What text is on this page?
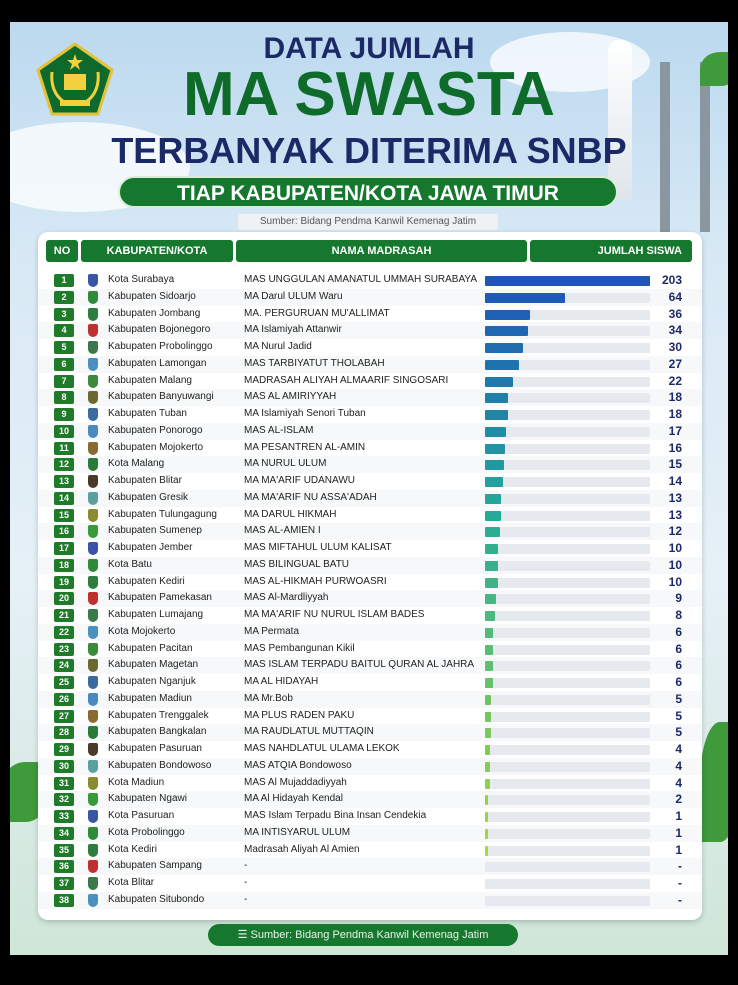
DATA JUMLAH
MA SWASTA
TERBANYAK DITERIMA SNBP
TIAP KABUPATEN/KOTA JAWA TIMUR
Sumber: Bidang Pendma Kanwil Kemenag Jatim
NO	KABUPATEN/KOTA	NAMA MADRASAH	JUMLAH SISWA
1	Kota Surabaya	MAS UNGGULAN AMANATUL UMMAH SURABAYA	203
2	Kabupaten Sidoarjo	MA Darul ULUM Waru	64
3	Kabupaten Jombang	MA. PERGURUAN MU'ALLIMAT	36
4	Kabupaten Bojonegoro	MA Islamiyah Attanwir	34
5	Kabupaten Probolinggo	MA Nurul Jadid	30
6	Kabupaten Lamongan	MAS TARBIYATUT THOLABAH	27
7	Kabupaten Malang	MADRASAH ALIYAH ALMAARIF SINGOSARI	22
8	Kabupaten Banyuwangi	MAS AL AMIRIYYAH	18
9	Kabupaten Tuban	MA Islamiyah Senori Tuban	18
10	Kabupaten Ponorogo	MAS AL-ISLAM	17
11	Kabupaten Mojokerto	MA PESANTREN AL-AMIN	16
12	Kota Malang	MA NURUL ULUM	15
13	Kabupaten Blitar	MA MA'ARIF UDANAWU	14
14	Kabupaten Gresik	MA MA'ARIF NU ASSA'ADAH	13
15	Kabupaten Tulungagung	MA DARUL HIKMAH	13
16	Kabupaten Sumenep	MAS AL-AMIEN I	12
17	Kabupaten Jember	MAS MIFTAHUL ULUM KALISAT	10
18	Kota Batu	MAS BILINGUAL BATU	10
19	Kabupaten Kediri	MAS AL-HIKMAH PURWOASRI	10
20	Kabupaten Pamekasan	MAS Al-Mardliyyah	9
21	Kabupaten Lumajang	MA MA'ARIF NU NURUL ISLAM BADES	8
22	Kota Mojokerto	MA Permata	6
23	Kabupaten Pacitan	MAS Pembangunan Kikil	6
24	Kabupaten Magetan	MAS ISLAM TERPADU BAITUL QURAN AL JAHRA	6
25	Kabupaten Nganjuk	MA AL HIDAYAH	6
26	Kabupaten Madiun	MA Mr.Bob	5
27	Kabupaten Trenggalek	MA PLUS RADEN PAKU	5
28	Kabupaten Bangkalan	MA RAUDLATUL MUTTAQIN	5
29	Kabupaten Pasuruan	MAS NAHDLATUL ULAMA LEKOK	4
30	Kabupaten Bondowoso	MAS ATQIA Bondowoso	4
31	Kota Madiun	MAS Al Mujaddadiyyah	4
32	Kabupaten Ngawi	MA Al Hidayah Kendal	2
33	Kota Pasuruan	MAS Islam Terpadu Bina Insan Cendekia	1
34	Kota Probolinggo	MA INTISYARUL ULUM	1
35	Kota Kediri	Madrasah Aliyah Al Amien	1
36	Kabupaten Sampang	-	-
37	Kota Blitar	-	-
38	Kabupaten Situbondo	-	-
☰ Sumber: Bidang Pendma Kanwil Kemenag Jatim
